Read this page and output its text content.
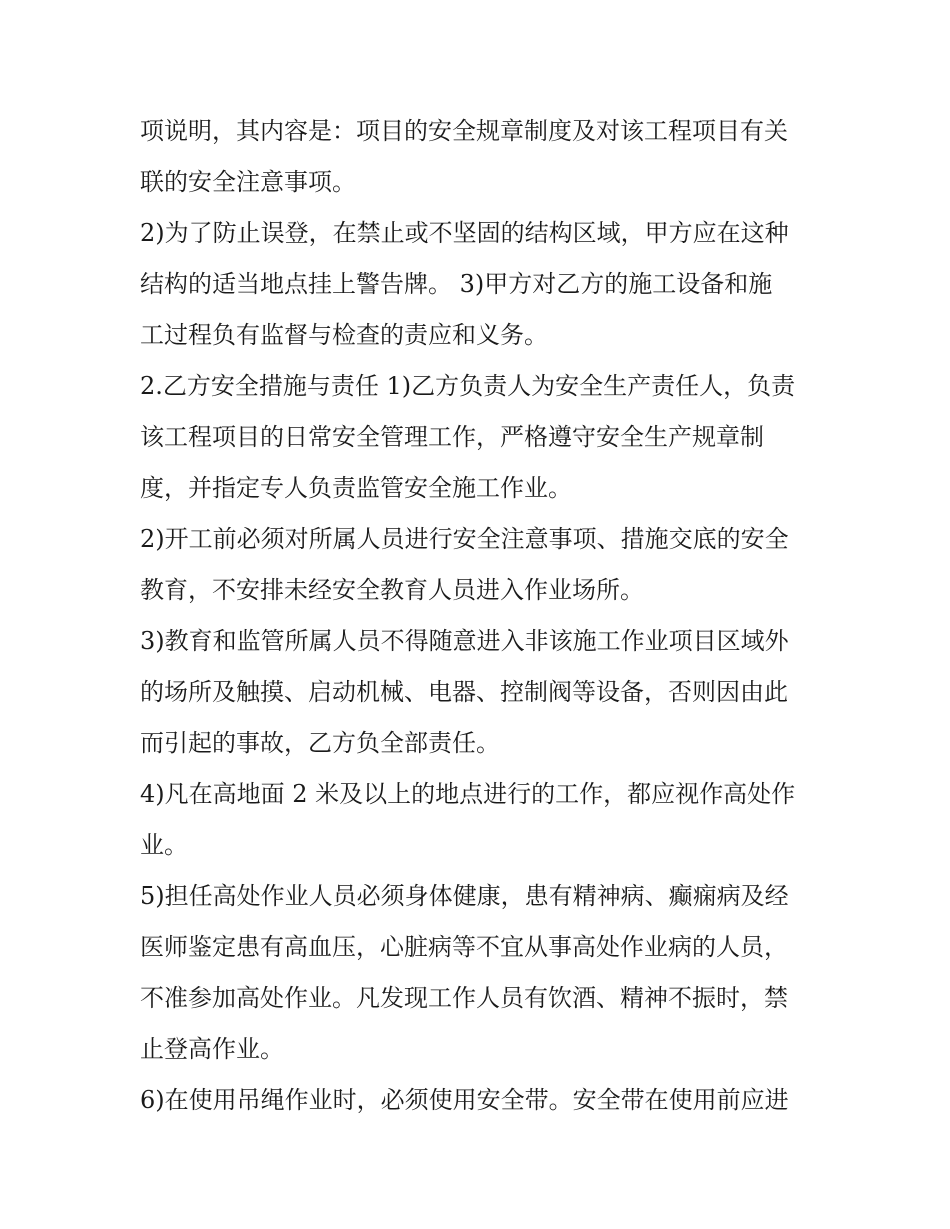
项说明，其内容是：项目的安全规章制度及对该工程项目有关
联的安全注意事项。
2)为了防止误登，在禁止或不坚固的结构区域，甲方应在这种
结构的适当地点挂上警告牌。 3)甲方对乙方的施工设备和施
工过程负有监督与检查的责应和义务。
2.乙方安全措施与责任 1)乙方负责人为安全生产责任人，负责
该工程项目的日常安全管理工作，严格遵守安全生产规章制
度，并指定专人负责监管安全施工作业。
2)开工前必须对所属人员进行安全注意事项、措施交底的安全
教育，不安排未经安全教育人员进入作业场所。
3)教育和监管所属人员不得随意进入非该施工作业项目区域外
的场所及触摸、启动机械、电器、控制阀等设备，否则因由此
而引起的事故，乙方负全部责任。
4)凡在高地面 2 米及以上的地点进行的工作，都应视作高处作
业。
5)担任高处作业人员必须身体健康，患有精神病、癫痫病及经
医师鉴定患有高血压，心脏病等不宜从事高处作业病的人员，
不准参加高处作业。凡发现工作人员有饮酒、精神不振时，禁
止登高作业。
6)在使用吊绳作业时，必须使用安全带。安全带在使用前应进
